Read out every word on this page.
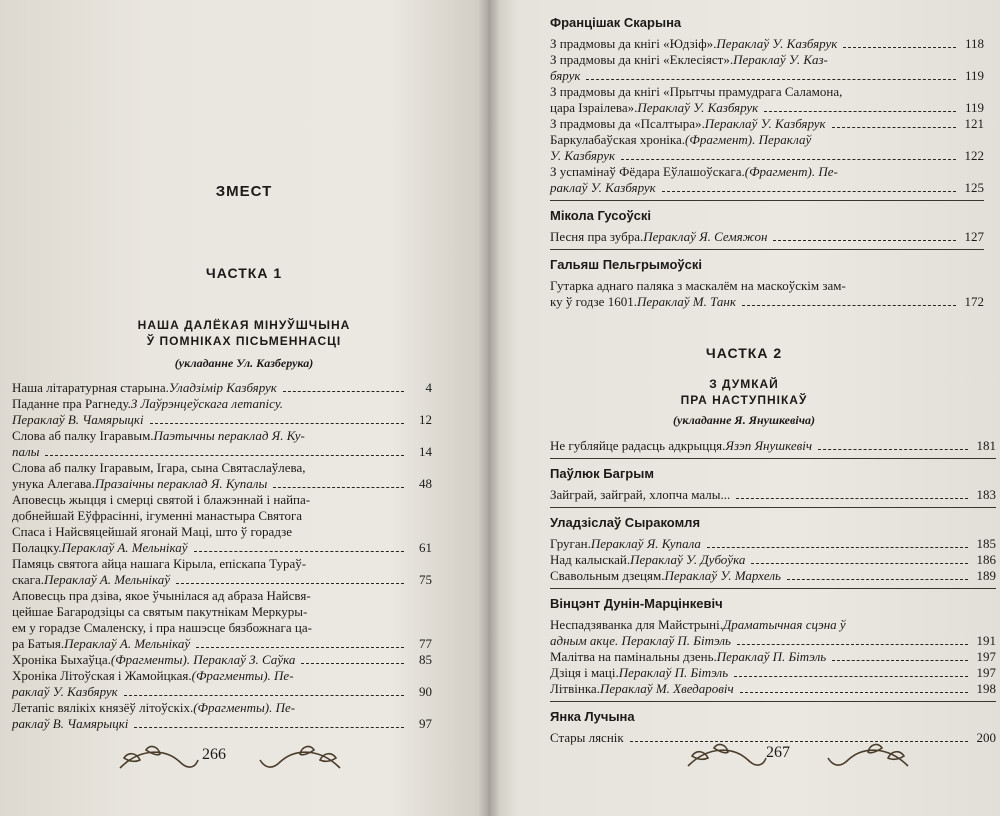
ЗМЕСТ
ЧАСТКА 1
НАША ДАЛЁКАЯ МІНУЎШЧЫНА
Ў ПОМНІКАХ ПІСЬМЕННАСЦІ
(укладанне Ул. Казберука)
Наша літаратурная старына. Уладзімір Казбярук	4
Паданне пра Рагнеду. З Лаўрэнцеўскага летапісу.
Пераклаў В. Чамярыцкі	12
Слова аб палку Ігаравым. Паэтычны пераклад Я. Ку-
палы	14
Слова аб палку Ігаравым, Ігара, сына Святаслаўлева,
унука Алегава. Празаічны пераклад Я. Купалы	48
Аповесць жыцця і смерці святой і блажэннай і найпа-
добнейшай Еўфрасінні, ігуменні манастыра Святога
Спаса і Найсвяцейшай ягонай Маці, што ў горадзе
Полацку. Пераклаў А. Мельнікаў	61
Памяць святога айца нашага Кірыла, епіскапа Тураў-
скага. Пераклаў А. Мельнікаў	75
Аповесць пра дзіва, якое ўчынілася ад абраза Найсвя-
цейшае Багародзіцы са святым пакутнікам Меркуры-
ем у горадзе Смаленску, і пра нашэсце бязбожнага ца-
ра Батыя. Пераклаў А. Мельнікаў	77
Хроніка Быхаўца. (Фрагменты). Пераклаў З. Саўка	85
Хроніка Літоўская і Жамойцкая. (Фрагменты). Пе-
раклаў У. Казбярук	90
Летапіс вялікіх князёў літоўскіх. (Фрагменты). Пе-
раклаў В. Чамярыцкі	97
266
Францішак Скарына
З прадмовы да кнігі «Юдзіф». Пераклаў У. Казбярук	118
З прадмовы да кнігі «Еклесіяст». Пераклаў У. Каз-
бярук	119
З прадмовы да кнігі «Прытчы прамудрага Саламона,
цара Ізраілева». Пераклаў У. Казбярук	119
З прадмовы да «Псалтыра». Пераклаў У. Казбярук	121
Баркулабаўская хроніка. (Фрагмент). Пераклаў
У. Казбярук	122
З успамінаў Фёдара Еўлашоўскага. (Фрагмент). Пе-
раклаў У. Казбярук	125
Мікола Гусоўскі
Песня пра зубра. Пераклаў Я. Семяжон	127
Гальяш Пельгрымоўскі
Гутарка аднаго паляка з маскалём на маскоўскім зам-
ку ў годзе 1601. Пераклаў М. Танк	172
ЧАСТКА 2
З ДУМКАЙ
ПРА НАСТУПНІКАЎ
(укладанне Я. Янушкевіча)
Не губляйце радасць адкрыцця. Язэп Янушкевіч	181
Паўлюк Багрым
Зайграй, зайграй, хлопча малы...	183
Уладзіслаў Сыракомля
Груган. Пераклаў Я. Купала	185
Над калыскай. Пераклаў У. Дубоўка	186
Свавольным дзецям. Пераклаў У. Мархель	189
Вінцэнт Дунін-Марцінкевіч
Неспадзяванка для Майстрыні. Драматычная сцэна ў
адным акце. Пераклаў П. Бітэль	191
Малітва на памінальны дзень. Пераклаў П. Бітэль	197
Дзіця і маці. Пераклаў П. Бітэль	197
Літвінка. Пераклаў М. Хведаровіч	198
Янка Лучына
Стары ляснік	200
267
